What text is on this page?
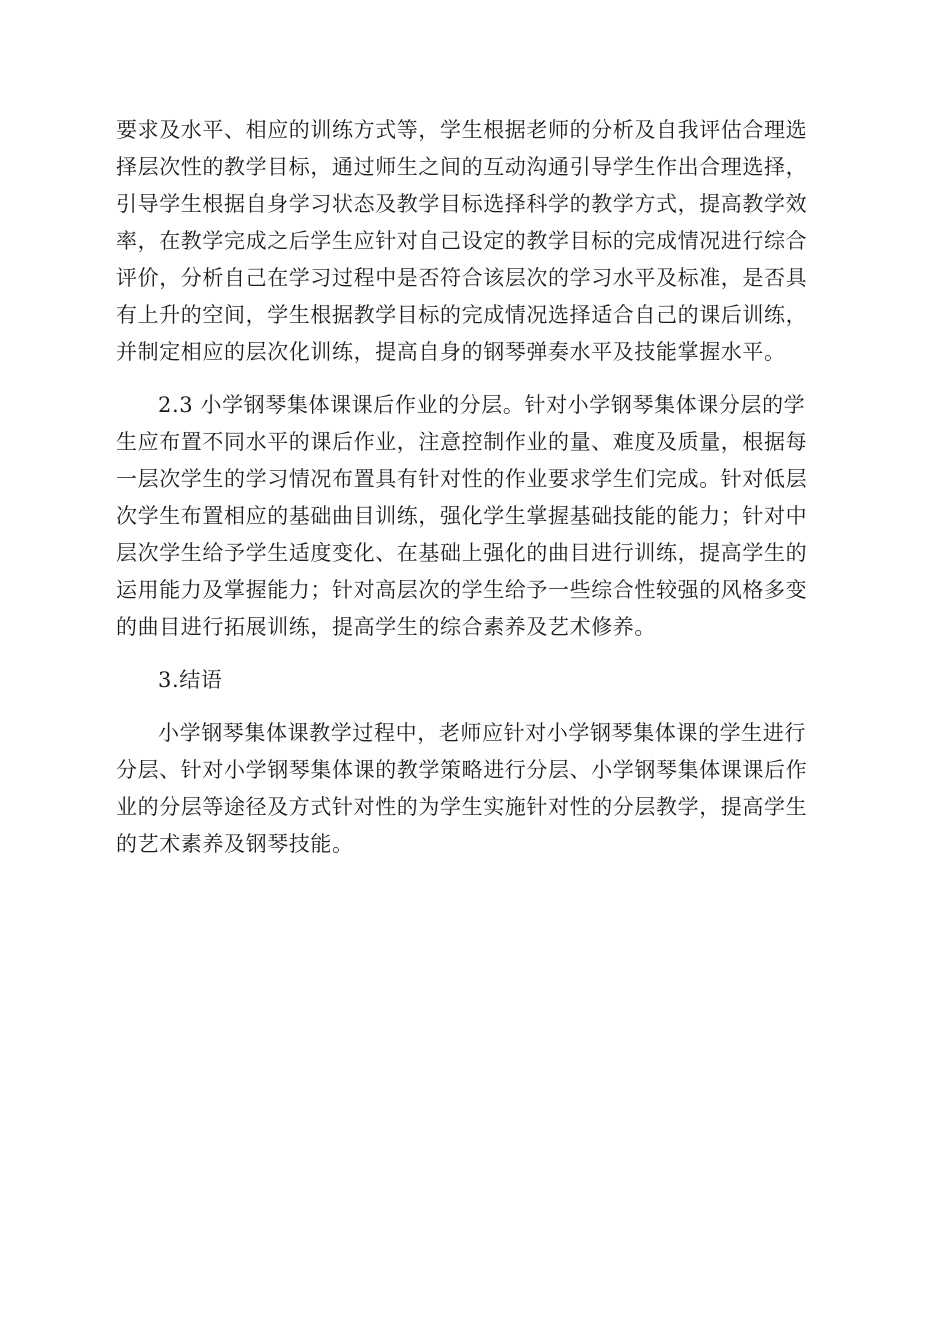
要求及水平、相应的训练方式等，学生根据老师的分析及自我评估合理选
择层次性的教学目标，通过师生之间的互动沟通引导学生作出合理选择，
引导学生根据自身学习状态及教学目标选择科学的教学方式，提高教学效
率，在教学完成之后学生应针对自己设定的教学目标的完成情况进行综合
评价，分析自己在学习过程中是否符合该层次的学习水平及标准，是否具
有上升的空间，学生根据教学目标的完成情况选择适合自己的课后训练，
并制定相应的层次化训练，提高自身的钢琴弹奏水平及技能掌握水平。
2.3 小学钢琴集体课课后作业的分层。针对小学钢琴集体课分层的学
生应布置不同水平的课后作业，注意控制作业的量、难度及质量，根据每
一层次学生的学习情况布置具有针对性的作业要求学生们完成。针对低层
次学生布置相应的基础曲目训练，强化学生掌握基础技能的能力；针对中
层次学生给予学生适度变化、在基础上强化的曲目进行训练，提高学生的
运用能力及掌握能力；针对高层次的学生给予一些综合性较强的风格多变
的曲目进行拓展训练，提高学生的综合素养及艺术修养。
3.结语
小学钢琴集体课教学过程中，老师应针对小学钢琴集体课的学生进行
分层、针对小学钢琴集体课的教学策略进行分层、小学钢琴集体课课后作
业的分层等途径及方式针对性的为学生实施针对性的分层教学，提高学生
的艺术素养及钢琴技能。
